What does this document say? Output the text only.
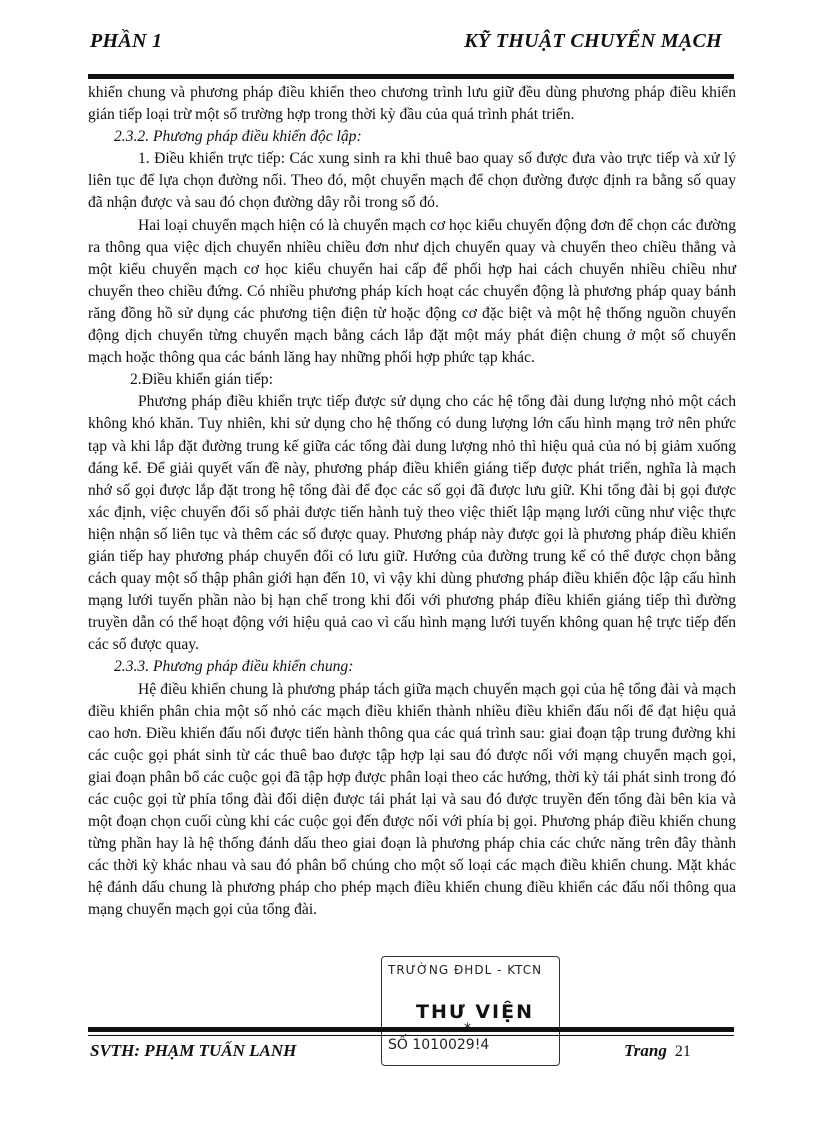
PHẦN 1	KỸ THUẬT CHUYỂN MẠCH

khiển chung và phương pháp điều khiển theo chương trình lưu giữ đều dùng phương pháp điều khiển gián tiếp loại trừ một số trường hợp trong thời kỳ đầu của quá trình phát triển.

2.3.2. Phương pháp điều khiển độc lập:

1. Điều khiển trực tiếp: Các xung sinh ra khi thuê bao quay số được đưa vào trực tiếp và xử lý liên tục để lựa chọn đường nối. Theo đó, một chuyển mạch để chọn đường được định ra bằng số quay đã nhận được và sau đó chọn đường dây rỗi trong số đó.

Hai loại chuyển mạch hiện có là chuyển mạch cơ học kiểu chuyển động đơn để chọn các đường ra thông qua việc dịch chuyển nhiều chiều đơn như dịch chuyển quay và chuyển theo chiều thẳng và một kiểu chuyển mạch cơ học kiểu chuyển hai cấp để phối hợp hai cách chuyển nhiều chiều như chuyển theo chiều đứng. Có nhiều phương pháp kích hoạt các chuyển động là phương pháp quay bánh răng đồng hồ sử dụng các phương tiện điện từ hoặc động cơ đặc biệt và một hệ thống nguồn chuyển động dịch chuyển từng chuyển mạch bằng cách lắp đặt một máy phát điện chung ở một số chuyển mạch hoặc thông qua các bánh lăng hay những phối hợp phức tạp khác.

2.Điều khiển gián tiếp:

Phương pháp điều khiển trực tiếp được sử dụng cho các hệ tổng đài dung lượng nhỏ một cách không khó khăn. Tuy nhiên, khi sử dụng cho hệ thống có dung lượng lớn cấu hình mạng trở nên phức tạp và khi lắp đặt đường trung kế giữa các tổng đài dung lượng nhỏ thì hiệu quả của nó bị giảm xuống đáng kể. Để giải quyết vấn đề này, phương pháp điều khiển giáng tiếp được phát triển, nghĩa là mạch nhớ số gọi được lắp đặt trong hệ tổng đài để đọc các số gọi đã được lưu giữ. Khi tổng đài bị gọi được xác định, việc chuyển đổi số phải được tiến hành tuỳ theo việc thiết lập mạng lưới cũng như việc thực hiện nhận số liên tục và thêm các số được quay. Phương pháp này được gọi là phương pháp điều khiển gián tiếp hay phương pháp chuyển đổi có lưu giữ. Hướng của đường trung kế có thể được chọn bằng cách quay một số thập phân giới hạn đến 10, vì vậy khi dùng phương pháp điều khiển độc lập cấu hình mạng lưới tuyến phần nào bị hạn chế trong khi đối với phương pháp điều khiển giáng tiếp thì đường truyền dẫn có thể hoạt động với hiệu quả cao vì cấu hình mạng lưới tuyến không quan hệ trực tiếp đến các số được quay.

2.3.3. Phương pháp điều khiển chung:

Hệ điều khiển chung là phương pháp tách giữa mạch chuyển mạch gọi của hệ tổng đài và mạch điều khiển phân chia một số nhỏ các mạch điều khiển thành nhiều điều khiển đấu nối để đạt hiệu quả cao hơn. Điều khiển đấu nối được tiến hành thông qua các quá trình sau: giai đoạn tập trung đường khi các cuộc gọi phát sinh từ các thuê bao được tập hợp lại sau đó được nối với mạng chuyển mạch gọi, giai đoạn phân bổ các cuộc gọi đã tập hợp được phân loại theo các hướng, thời kỳ tái phát sinh trong đó các cuộc gọi từ phía tổng đài đối diện được tái phát lại và sau đó được truyền đến tổng đài bên kia và một đoạn chọn cuối cùng khi các cuộc gọi đến được nối với phía bị gọi. Phương pháp điều khiển chung từng phần hay là hệ thống đánh dấu theo giai đoạn là phương pháp chia các chức năng trên đây thành các thời kỳ khác nhau và sau đó phân bổ chúng cho một số loại các mạch điều khiển chung. Mặt khác hệ đánh dấu chung là phương pháp cho phép mạch điều khiển chung điều khiển các đấu nối thông qua mạng chuyển mạch gọi của tổng đài.

TRƯỜNG ĐHDL - KTCN
THƯ VIỆN
SỐ 1010029!4
SVTH: PHẠM TUẤN LANH	Trang 21
